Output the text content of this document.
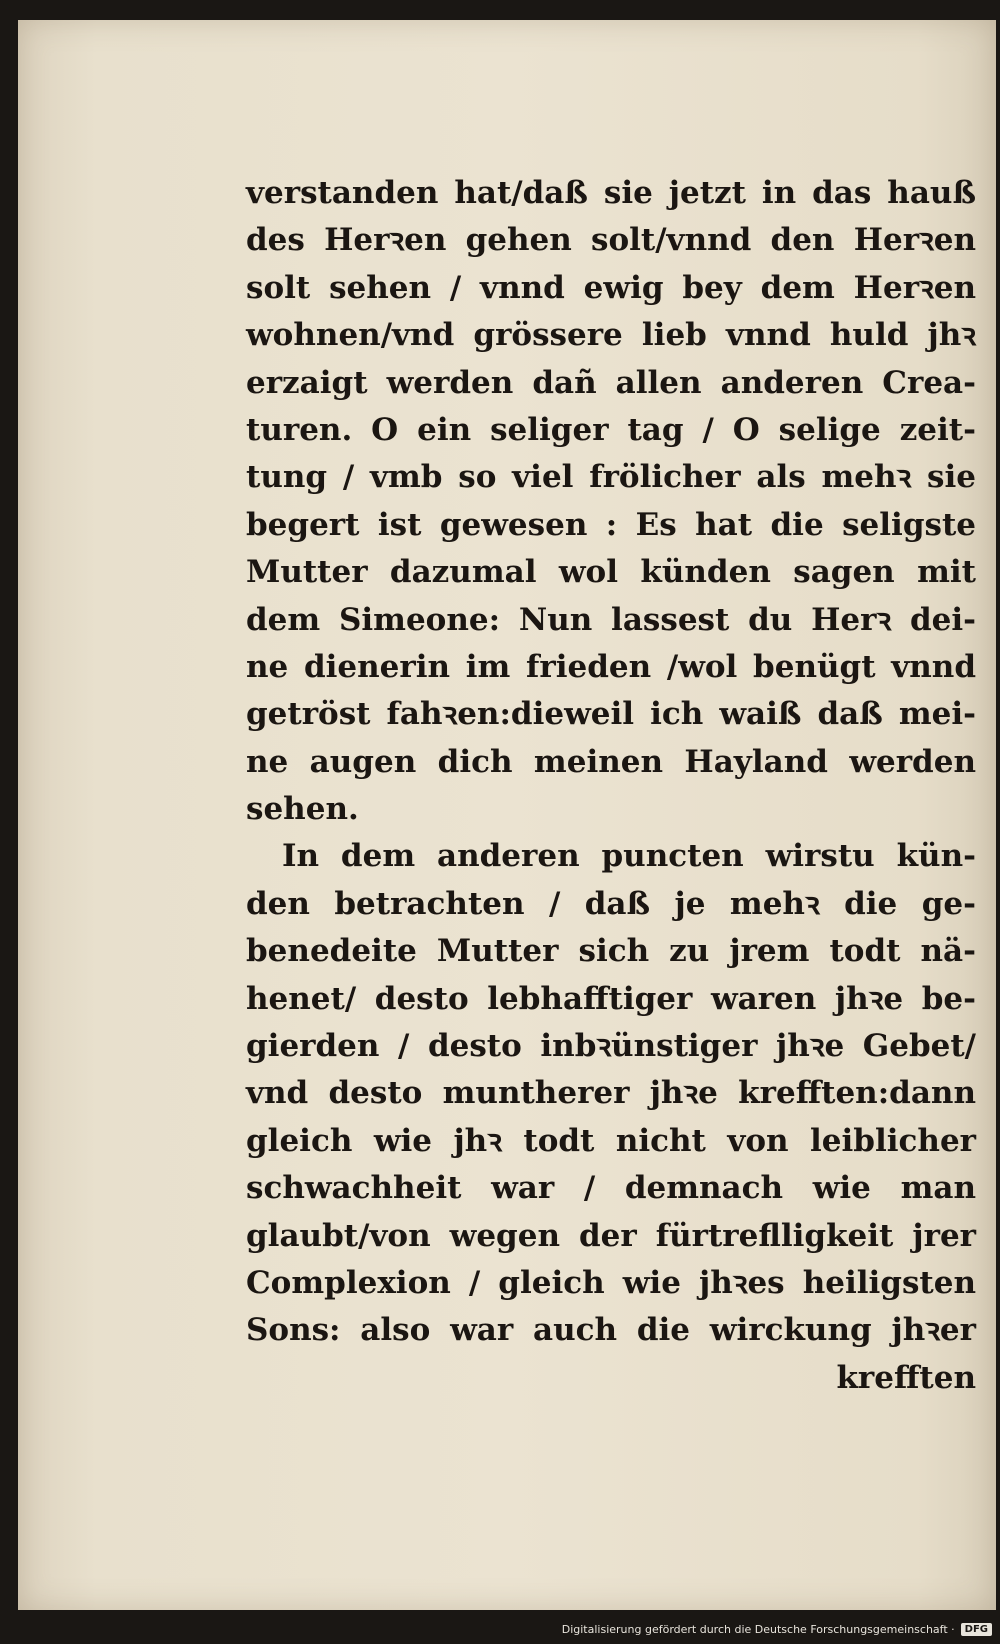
verstanden hat/daß sie jetzt in das hauß
des Herꝛen gehen solt/vnnd den Herꝛen
solt sehen / vnnd ewig bey dem Herꝛen
wohnen/vnd grössere lieb vnnd huld jhꝛ
erzaigt werden dañ allen anderen Crea-
turen. O ein seliger tag / O selige zeit-
tung / vmb so viel frölicher als mehꝛ sie
begert ist gewesen : Es hat die seligste
Mutter dazumal wol künden sagen mit
dem Simeone: Nun lassest du Herꝛ dei-
ne dienerin im frieden /wol benügt vnnd
getröst fahꝛen:dieweil ich waiß daß mei-
ne augen dich meinen Hayland werden
sehen.
In dem anderen puncten wirstu kün-
den betrachten / daß je mehꝛ die ge-
benedeite Mutter sich zu jrem todt nä-
henet/ desto lebhafftiger waren jhꝛe be-
gierden / desto inbꝛünstiger jhꝛe Gebet/
vnd desto muntherer jhꝛe krefften:dann
gleich wie jhꝛ todt nicht von leiblicher
schwachheit war / demnach wie man
glaubt/von wegen der fürtreflligkeit jrer
Complexion / gleich wie jhꝛes heiligsten
Sons: also war auch die wirckung jhꝛer
krefften
Digitalisierung gefördert durch die Deutsche Forschungsgemeinschaft ·	DFG
